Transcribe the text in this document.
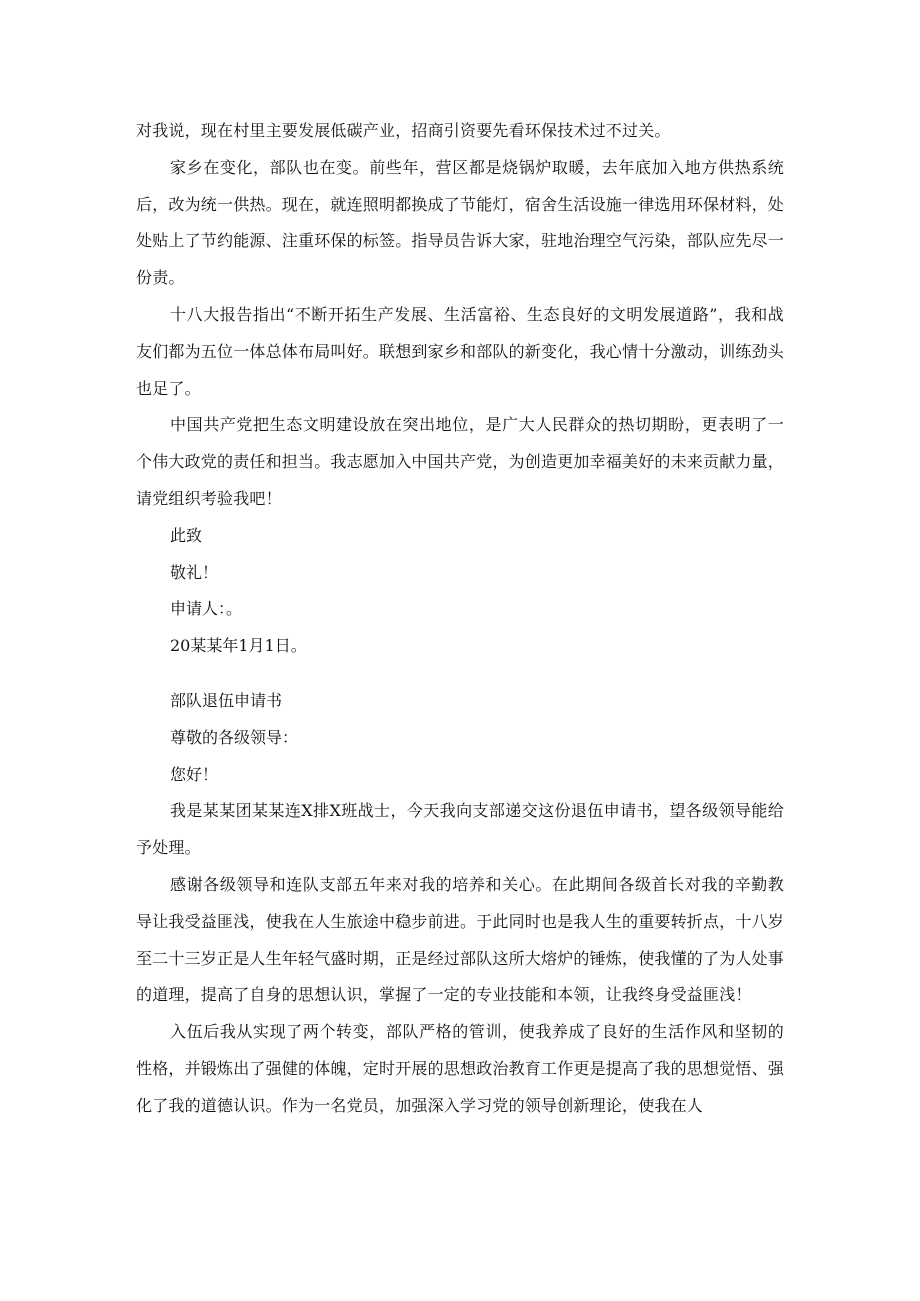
对我说，现在村里主要发展低碳产业，招商引资要先看环保技术过不过关。

家乡在变化，部队也在变。前些年，营区都是烧锅炉取暖，去年底加入地方供热系统后，改为统一供热。现在，就连照明都换成了节能灯，宿舍生活设施一律选用环保材料，处处贴上了节约能源、注重环保的标签。指导员告诉大家，驻地治理空气污染，部队应先尽一份责。

十八大报告指出“不断开拓生产发展、生活富裕、生态良好的文明发展道路”，我和战友们都为五位一体总体布局叫好。联想到家乡和部队的新变化，我心情十分激动，训练劲头也足了。

中国共产党把生态文明建设放在突出地位，是广大人民群众的热切期盼，更表明了一个伟大政党的责任和担当。我志愿加入中国共产党，为创造更加幸福美好的未来贡献力量，请党组织考验我吧！

此致

敬礼！

申请人：。

20某某年1月1日。

部队退伍申请书

尊敬的各级领导：

您好！

我是某某团某某连X排X班战士，今天我向支部递交这份退伍申请书，望各级领导能给予处理。

感谢各级领导和连队支部五年来对我的培养和关心。在此期间各级首长对我的辛勤教导让我受益匪浅，使我在人生旅途中稳步前进。于此同时也是我人生的重要转折点，十八岁至二十三岁正是人生年轻气盛时期，正是经过部队这所大熔炉的锤炼，使我懂的了为人处事的道理，提高了自身的思想认识，掌握了一定的专业技能和本领，让我终身受益匪浅！

入伍后我从实现了两个转变，部队严格的管训，使我养成了良好的生活作风和坚韧的性格，并锻炼出了强健的体魄，定时开展的思想政治教育工作更是提高了我的思想觉悟、强化了我的道德认识。作为一名党员，加强深入学习党的领导创新理论，使我在人
